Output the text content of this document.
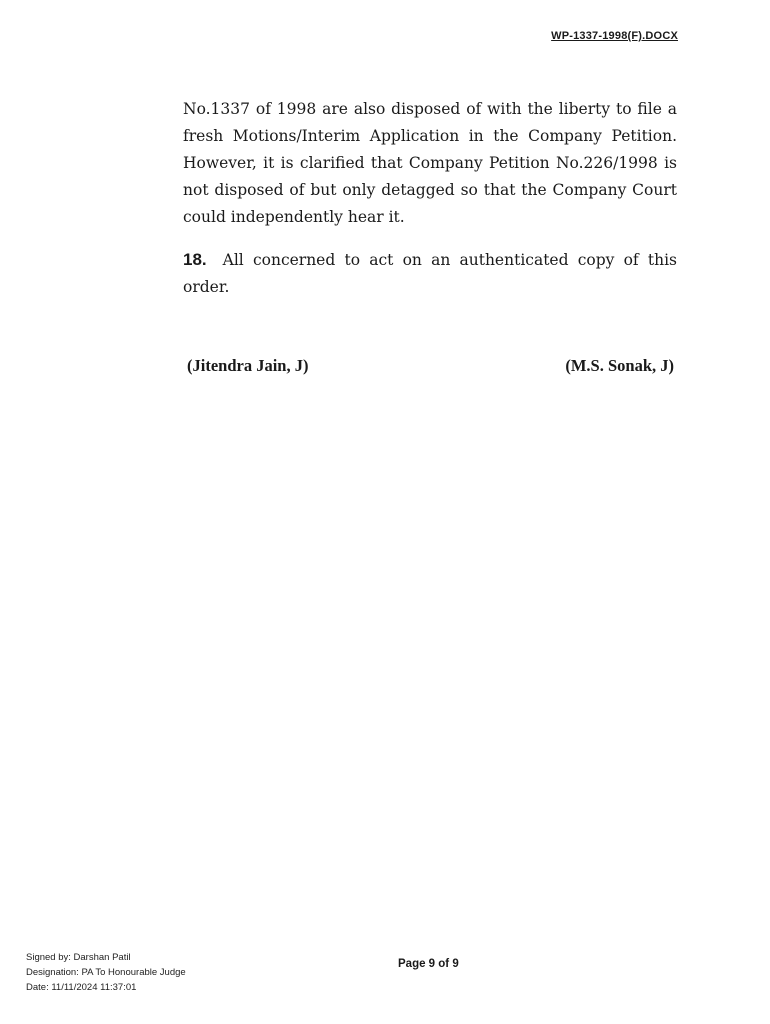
WP-1337-1998(F).DOCX
No.1337 of 1998 are also disposed of with the liberty to file a fresh Motions/Interim Application in the Company Petition. However, it is clarified that Company Petition No.226/1998 is not disposed of but only detagged so that the Company Court could independently hear it.
18. All concerned to act on an authenticated copy of this order.
(Jitendra Jain, J)	(M.S. Sonak, J)
Signed by: Darshan Patil
Designation: PA To Honourable Judge
Date: 11/11/2024 11:37:01
Page 9 of 9
